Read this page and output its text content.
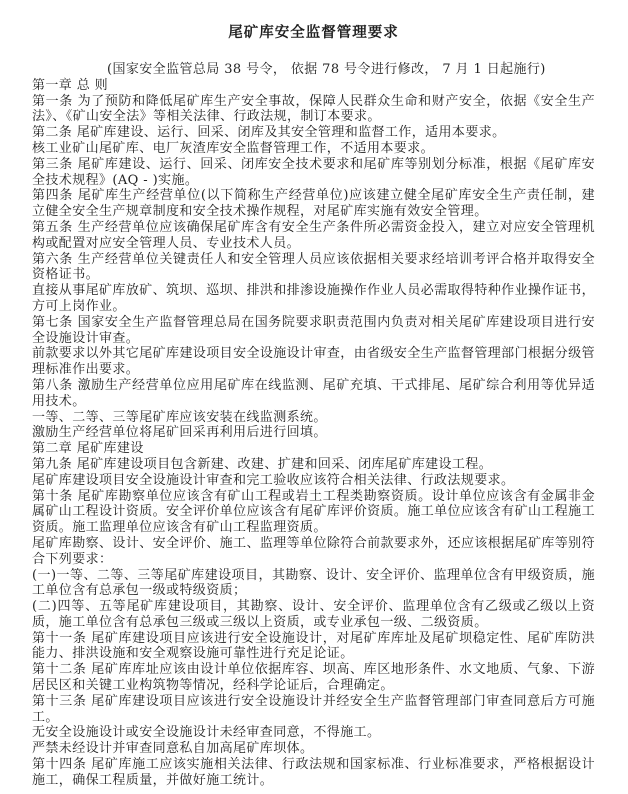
尾矿库安全监督管理要求

(国家安全监管总局 38 号令， 依据 78 号令进行修改， 7 月 1 日起施行)

第一章 总 则

第一条 为了预防和降低尾矿库生产安全事故，保障人民群众生命和财产安全，依据《安全生产法》、《矿山安全法》等相关法律、行政法规，制订本要求。

第二条 尾矿库建设、运行、回采、闭库及其安全管理和监督工作，适用本要求。

核工业矿山尾矿库、电厂灰渣库安全监督管理工作，不适用本要求。

第三条 尾矿库建设、运行、回采、闭库安全技术要求和尾矿库等别划分标准，根据《尾矿库安全技术规程》(AQ - )实施。

第四条 尾矿库生产经营单位(以下简称生产经营单位)应该建立健全尾矿库安全生产责任制，建立健全安全生产规章制度和安全技术操作规程，对尾矿库实施有效安全管理。

第五条 生产经营单位应该确保尾矿库含有安全生产条件所必需资金投入，建立对应安全管理机构或配置对应安全管理人员、专业技术人员。

第六条 生产经营单位关键责任人和安全管理人员应该依据相关要求经培训考评合格并取得安全资格证书。

直接从事尾矿库放矿、筑坝、巡坝、排洪和排渗设施操作作业人员必需取得特种作业操作证书，方可上岗作业。

第七条 国家安全生产监督管理总局在国务院要求职责范围内负责对相关尾矿库建设项目进行安全设施设计审查。

前款要求以外其它尾矿库建设项目安全设施设计审查，由省级安全生产监督管理部门根据分级管理标准作出要求。

第八条 激励生产经营单位应用尾矿库在线监测、尾矿充填、干式排尾、尾矿综合利用等优异适用技术。

一等、二等、三等尾矿库应该安装在线监测系统。

激励生产经营单位将尾矿回采再利用后进行回填。

第二章 尾矿库建设

第九条 尾矿库建设项目包含新建、改建、扩建和回采、闭库尾矿库建设工程。

尾矿库建设项目安全设施设计审查和完工验收应该符合相关法律、行政法规要求。

第十条 尾矿库勘察单位应该含有矿山工程或岩土工程类勘察资质。设计单位应该含有金属非金属矿山工程设计资质。安全评价单位应该含有尾矿库评价资质。施工单位应该含有矿山工程施工资质。施工监理单位应该含有矿山工程监理资质。

尾矿库勘察、设计、安全评价、施工、监理等单位除符合前款要求外，还应该根据尾矿库等别符合下列要求：

(一)一等、二等、三等尾矿库建设项目，其勘察、设计、安全评价、监理单位含有甲级资质，施工单位含有总承包一级或特级资质；

(二)四等、五等尾矿库建设项目，其勘察、设计、安全评价、监理单位含有乙级或乙级以上资质，施工单位含有总承包三级或三级以上资质，或专业承包一级、二级资质。

第十一条 尾矿库建设项目应该进行安全设施设计，对尾矿库库址及尾矿坝稳定性、尾矿库防洪能力、排洪设施和安全观察设施可靠性进行充足论证。

第十二条 尾矿库库址应该由设计单位依据库容、坝高、库区地形条件、水文地质、气象、下游居民区和关键工业构筑物等情况，经科学论证后，合理确定。

第十三条 尾矿库建设项目应该进行安全设施设计并经安全生产监督管理部门审查同意后方可施工。

无安全设施设计或安全设施设计未经审查同意，不得施工。

严禁未经设计并审查同意私自加高尾矿库坝体。

第十四条 尾矿库施工应该实施相关法律、行政法规和国家标准、行业标准要求，严格根据设计施工，确保工程质量，并做好施工统计。
